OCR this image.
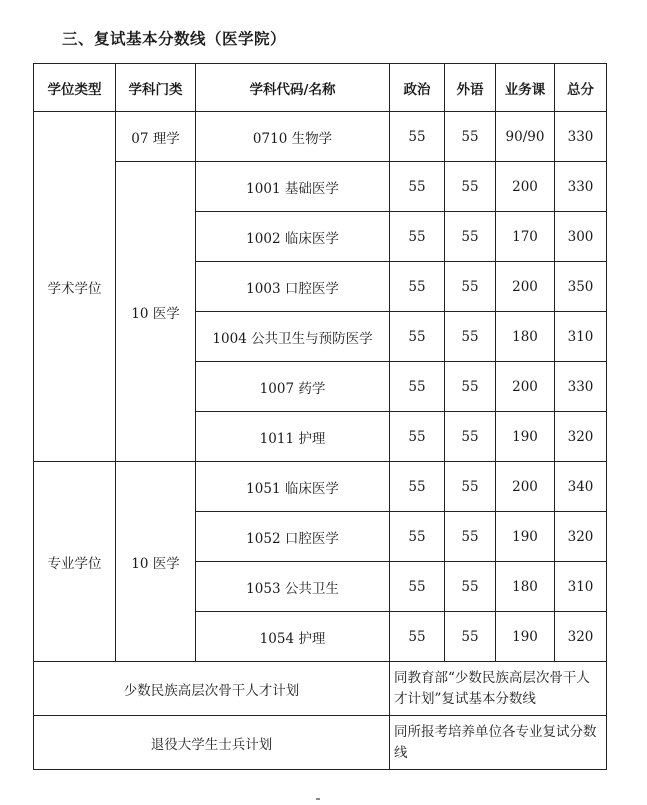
三、复试基本分数线（医学院）
学位类型	学科门类	学科代码/名称	政治	外语	业务课	总分
学术学位	07 理学	0710 生物学	55	55	90/90	330
	10 医学	1001 基础医学	55	55	200	330
		1002 临床医学	55	55	170	300
		1003 口腔医学	55	55	200	350
		1004 公共卫生与预防医学	55	55	180	310
		1007 药学	55	55	200	330
		1011 护理	55	55	190	320
专业学位	10 医学	1051 临床医学	55	55	200	340
		1052 口腔医学	55	55	190	320
		1053 公共卫生	55	55	180	310
		1054 护理	55	55	190	320
少数民族高层次骨干人才计划			同教育部“少数民族高层次骨干人才计划”复试基本分数线			
退役大学生士兵计划			同所报考培养单位各专业复试分数线			
